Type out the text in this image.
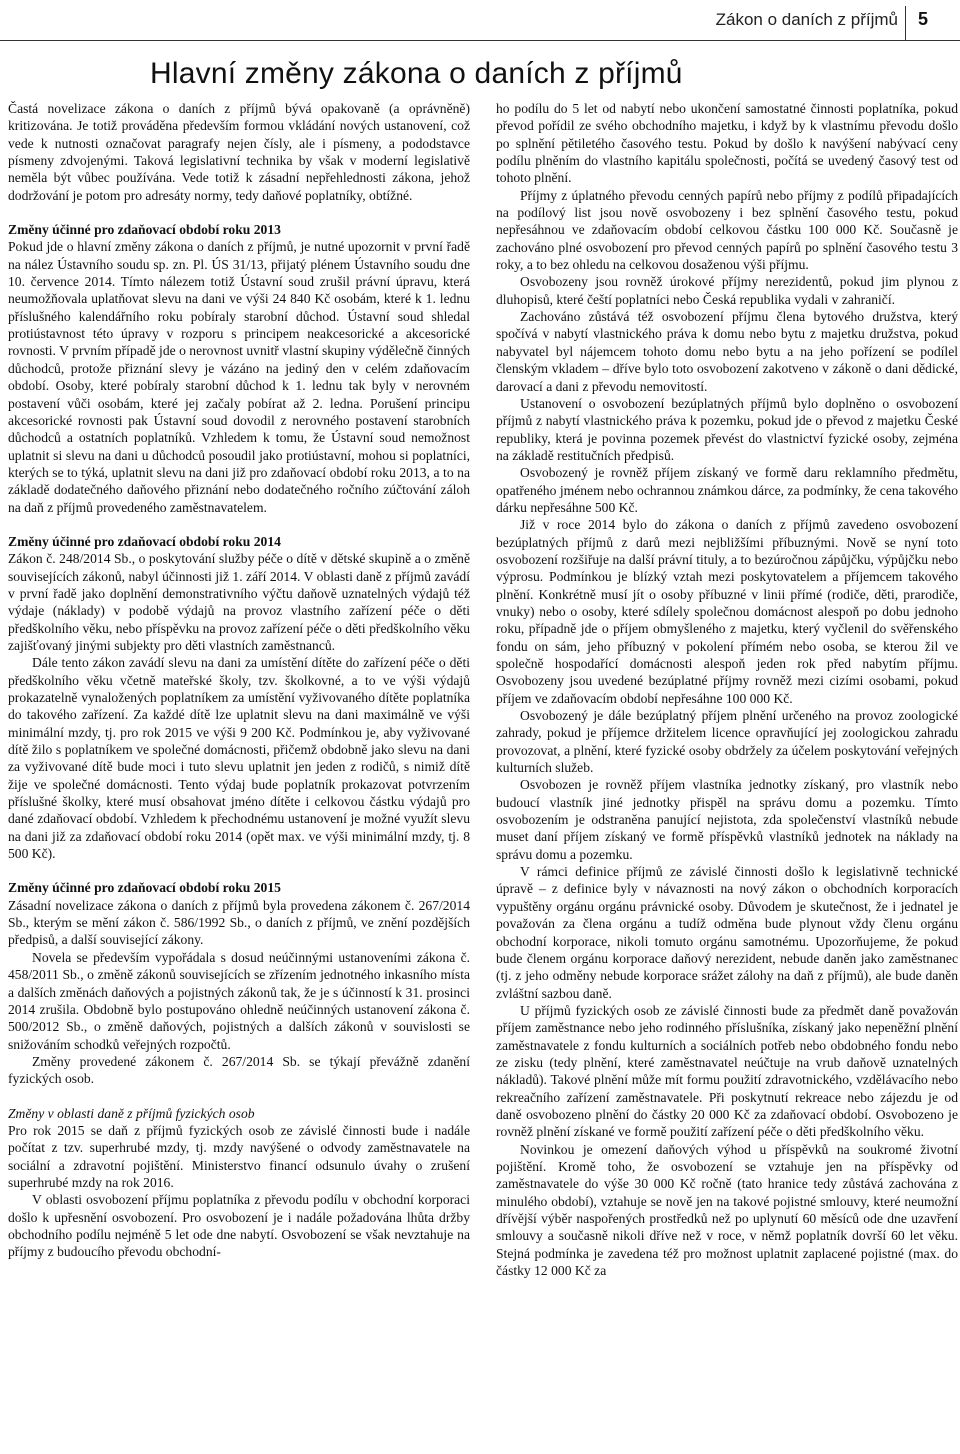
Zákon o daních z příjmů 5
Hlavní změny zákona o daních z příjmů

Častá novelizace zákona o daních z příjmů bývá opakovaně (a oprávněně) kritizována. Je totiž prováděna především formou vkládání nových ustanovení, což vede k nutnosti označovat paragrafy nejen čísly, ale i písmeny, a pododstavce písmeny zdvojenými. Taková legislativní technika by však v moderní legislativě neměla být vůbec používána. Vede totiž k zásadní nepřehlednosti zákona, jehož dodržování je potom pro adresáty normy, tedy daňové poplatníky, obtížné.

Změny účinné pro zdaňovací období roku 2013

Pokud jde o hlavní změny zákona o daních z příjmů, je nutné upozornit v první řadě na nález Ústavního soudu sp. zn. Pl. ÚS 31/13, přijatý plénem Ústavního soudu dne 10. července 2014. Tímto nálezem totiž Ústavní soud zrušil právní úpravu, která neumožňovala uplatňovat slevu na dani ve výši 24 840 Kč osobám, které k 1. lednu příslušného kalendářního roku pobíraly starobní důchod. Ústavní soud shledal protiústavnost této úpravy v rozporu s principem neakcesorické a akcesorické rovnosti. V prvním případě jde o nerovnost uvnitř vlastní skupiny výdělečně činných důchodců, protože přiznání slevy je vázáno na jediný den v celém zdaňovacím období. Osoby, které pobíraly starobní důchod k 1. lednu tak byly v nerovném postavení vůči osobám, které jej začaly pobírat až 2. ledna. Porušení principu akcesorické rovnosti pak Ústavní soud dovodil z nerovného postavení starobních důchodců a ostatních poplatníků. Vzhledem k tomu, že Ústavní soud nemožnost uplatnit si slevu na dani u důchodců posoudil jako protiústavní, mohou si poplatníci, kterých se to týká, uplatnit slevu na dani již pro zdaňovací období roku 2013, a to na základě dodatečného daňového přiznání nebo dodatečného ročního zúčtování záloh na daň z příjmů provedeného zaměstnavatelem.

Změny účinné pro zdaňovací období roku 2014

Zákon č. 248/2014 Sb., o poskytování služby péče o dítě v dětské skupině a o změně souvisejících zákonů, nabyl účinnosti již 1. září 2014. V oblasti daně z příjmů zavádí v první řadě jako doplnění demonstrativního výčtu daňově uznatelných výdajů též výdaje (náklady) v podobě výdajů na provoz vlastního zařízení péče o děti předškolního věku, nebo příspěvku na provoz zařízení péče o děti předškolního věku zajišťovaný jinými subjekty pro děti vlastních zaměstnanců.

Dále tento zákon zavádí slevu na dani za umístění dítěte do zařízení péče o děti předškolního věku včetně mateřské školy, tzv. školkovné, a to ve výši výdajů prokazatelně vynaložených poplatníkem za umístění vyživovaného dítěte poplatníka do takového zařízení. Za každé dítě lze uplatnit slevu na dani maximálně ve výši minimální mzdy, tj. pro rok 2015 ve výši 9 200 Kč. Podmínkou je, aby vyživované dítě žilo s poplatníkem ve společné domácnosti, přičemž obdobně jako slevu na dani za vyživované dítě bude moci i tuto slevu uplatnit jen jeden z rodičů, s nimiž dítě žije ve společné domácnosti. Tento výdaj bude poplatník prokazovat potvrzením příslušné školky, které musí obsahovat jméno dítěte i celkovou částku výdajů pro dané zdaňovací období. Vzhledem k přechodnému ustanovení je možné využít slevu na dani již za zdaňovací období roku 2014 (opět max. ve výši minimální mzdy, tj. 8 500 Kč).

Změny účinné pro zdaňovací období roku 2015

Zásadní novelizace zákona o daních z příjmů byla provedena zákonem č. 267/2014 Sb., kterým se mění zákon č. 586/1992 Sb., o daních z příjmů, ve znění pozdějších předpisů, a další související zákony.

Novela se především vypořádala s dosud neúčinnými ustanoveními zákona č. 458/2011 Sb., o změně zákonů souvisejících se zřízením jednotného inkasního místa a dalších změnách daňových a pojistných zákonů tak, že je s účinností k 31. prosinci 2014 zrušila. Obdobně bylo postupováno ohledně neúčinných ustanovení zákona č. 500/2012 Sb., o změně daňových, pojistných a dalších zákonů v souvislosti se snižováním schodků veřejných rozpočtů.

Změny provedené zákonem č. 267/2014 Sb. se týkají převážně zdanění fyzických osob.

Změny v oblasti daně z příjmů fyzických osob

Pro rok 2015 se daň z příjmů fyzických osob ze závislé činnosti bude i nadále počítat z tzv. superhrubé mzdy, tj. mzdy navýšené o odvody zaměstnavatele na sociální a zdravotní pojištění. Ministerstvo financí odsunulo úvahy o zrušení superhrubé mzdy na rok 2016.

V oblasti osvobození příjmu poplatníka z převodu podílu v obchodní korporaci došlo k upřesnění osvobození. Pro osvobození je i nadále požadována lhůta držby obchodního podílu nejméně 5 let ode dne nabytí. Osvobození se však nevztahuje na příjmy z budoucího převodu obchodní-

ho podílu do 5 let od nabytí nebo ukončení samostatné činnosti poplatníka, pokud převod pořídil ze svého obchodního majetku, i když by k vlastnímu převodu došlo po splnění pětiletého časového testu. Pokud by došlo k navýšení nabývací ceny podílu plněním do vlastního kapitálu společnosti, počítá se uvedený časový test od tohoto plnění.

Příjmy z úplatného převodu cenných papírů nebo příjmy z podílů připadajících na podílový list jsou nově osvobozeny i bez splnění časového testu, pokud nepřesáhnou ve zdaňovacím období celkovou částku 100 000 Kč. Současně je zachováno plné osvobození pro převod cenných papírů po splnění časového testu 3 roky, a to bez ohledu na celkovou dosaženou výši příjmu.

Osvobozeny jsou rovněž úrokové příjmy nerezidentů, pokud jim plynou z dluhopisů, které čeští poplatníci nebo Česká republika vydali v zahraničí.

Zachováno zůstává též osvobození příjmu člena bytového družstva, který spočívá v nabytí vlastnického práva k domu nebo bytu z majetku družstva, pokud nabyvatel byl nájemcem tohoto domu nebo bytu a na jeho pořízení se podílel členským vkladem – dříve bylo toto osvobození zakotveno v zákoně o dani dědické, darovací a dani z převodu nemovitostí.

Ustanovení o osvobození bezúplatných příjmů bylo doplněno o osvobození příjmů z nabytí vlastnického práva k pozemku, pokud jde o převod z majetku České republiky, která je povinna pozemek převést do vlastnictví fyzické osoby, zejména na základě restitučních předpisů.

Osvobozený je rovněž příjem získaný ve formě daru reklamního předmětu, opatřeného jménem nebo ochrannou známkou dárce, za podmínky, že cena takového dárku nepřesáhne 500 Kč.

Již v roce 2014 bylo do zákona o daních z příjmů zavedeno osvobození bezúplatných příjmů z darů mezi nejbližšími příbuznými. Nově se nyní toto osvobození rozšiřuje na další právní tituly, a to bezúročnou zápůjčku, výpůjčku nebo výprosu. Podmínkou je blízký vztah mezi poskytovatelem a příjemcem takového plnění. Konkrétně musí jít o osoby příbuzné v linii přímé (rodiče, děti, prarodiče, vnuky) nebo o osoby, které sdílely společnou domácnost alespoň po dobu jednoho roku, případně jde o příjem obmyšleného z majetku, který vyčlenil do svěřenského fondu on sám, jeho příbuzný v pokolení přímém nebo osoba, se kterou žil ve společně hospodařící domácnosti alespoň jeden rok před nabytím příjmu. Osvobozeny jsou uvedené bezúplatné příjmy rovněž mezi cizími osobami, pokud příjem ve zdaňovacím období nepřesáhne 100 000 Kč.

Osvobozený je dále bezúplatný příjem plnění určeného na provoz zoologické zahrady, pokud je příjemce držitelem licence opravňující jej zoologickou zahradu provozovat, a plnění, které fyzické osoby obdržely za účelem poskytování veřejných kulturních služeb.

Osvobozen je rovněž příjem vlastníka jednotky získaný, pro vlastník nebo budoucí vlastník jiné jednotky přispěl na správu domu a pozemku. Tímto osvobozením je odstraněna panující nejistota, zda společenství vlastníků nebude muset daní příjem získaný ve formě příspěvků vlastníků jednotek na náklady na správu domu a pozemku.

V rámci definice příjmů ze závislé činnosti došlo k legislativně technické úpravě – z definice byly v návaznosti na nový zákon o obchodních korporacích vypuštěny orgánu orgánu právnické osoby. Důvodem je skutečnost, že i jednatel je považován za člena orgánu a tudíž odměna bude plynout vždy členu orgánu obchodní korporace, nikoli tomuto orgánu samotnému. Upozorňujeme, že pokud bude členem orgánu korporace daňový nerezident, nebude daněn jako zaměstnanec (tj. z jeho odměny nebude korporace srážet zálohy na daň z příjmů), ale bude daněn zvláštní sazbou daně.

U příjmů fyzických osob ze závislé činnosti bude za předmět daně považován příjem zaměstnance nebo jeho rodinného příslušníka, získaný jako nepeněžní plnění zaměstnavatele z fondu kulturních a sociálních potřeb nebo obdobného fondu nebo ze zisku (tedy plnění, které zaměstnavatel neúčtuje na vrub daňově uznatelných nákladů). Takové plnění může mít formu použití zdravotnického, vzdělávacího nebo rekreačního zařízení zaměstnavatele. Při poskytnutí rekreace nebo zájezdu je od daně osvobozeno plnění do částky 20 000 Kč za zdaňovací období. Osvobozeno je rovněž plnění získané ve formě použití zařízení péče o děti předškolního věku.

Novinkou je omezení daňových výhod u příspěvků na soukromé životní pojištění. Kromě toho, že osvobození se vztahuje jen na příspěvky od zaměstnavatele do výše 30 000 Kč ročně (tato hranice tedy zůstává zachována z minulého období), vztahuje se nově jen na takové pojistné smlouvy, které neumožní dřívější výběr naspořených prostředků než po uplynutí 60 měsíců ode dne uzavření smlouvy a současně nikoli dříve než v roce, v němž poplatník dovrší 60 let věku. Stejná podmínka je zavedena též pro možnost uplatnit zaplacené pojistné (max. do částky 12 000 Kč za
